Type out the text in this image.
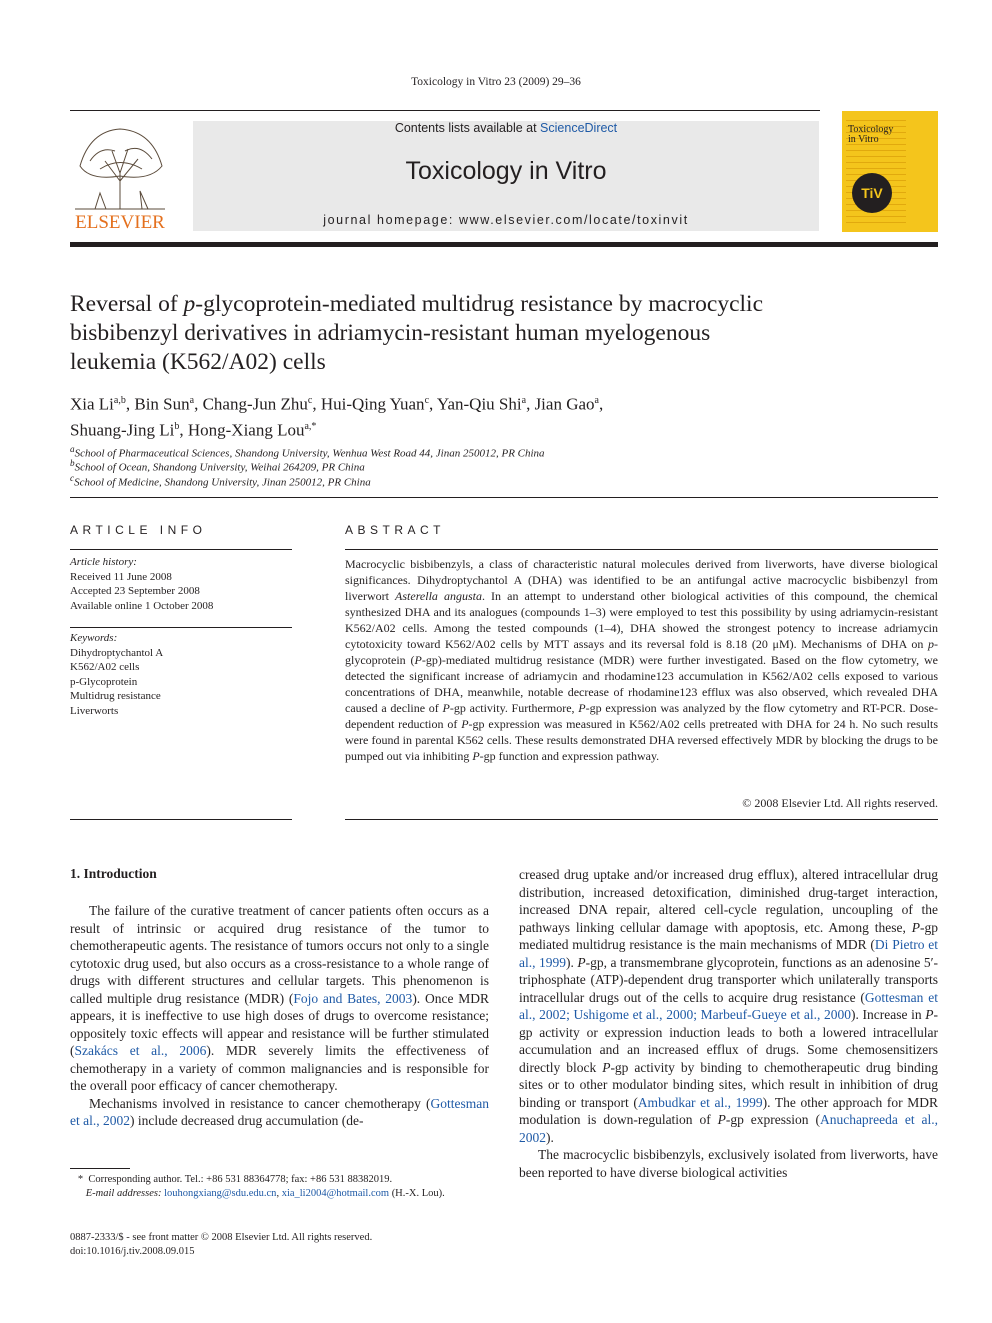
Toxicology in Vitro 23 (2009) 29–36
ELSEVIER
Contents lists available at ScienceDirect
Toxicology in Vitro
journal homepage: www.elsevier.com/locate/toxinvit
Toxicology
in Vitro
TiV
Reversal of p-glycoprotein-mediated multidrug resistance by macrocyclic
bisbibenzyl derivatives in adriamycin-resistant human myelogenous
leukemia (K562/A02) cells
Xia Li$^{a,b}$, Bin Sun$^a$, Chang-Jun Zhu$^c$, Hui-Qing Yuan$^c$, Yan-Qiu Shi$^a$, Jian Gao$^a$,
Shuang-Jing Li$^b$, Hong-Xiang Lou$^{a,*}$
$^a$School of Pharmaceutical Sciences, Shandong University, Wenhua West Road 44, Jinan 250012, PR China
$^b$School of Ocean, Shandong University, Weihai 264209, PR China
$^c$School of Medicine, Shandong University, Jinan 250012, PR China
ARTICLE INFO
Article history:
Received 11 June 2008
Accepted 23 September 2008
Available online 1 October 2008
Keywords:
Dihydroptychantol A
K562/A02 cells
p-Glycoprotein
Multidrug resistance
Liverworts
ABSTRACT
Macrocyclic bisbibenzyls, a class of characteristic natural molecules derived from liverworts, have diverse biological significances. Dihydroptychantol A (DHA) was identified to be an antifungal active macrocyclic bisbibenzyl from liverwort Asterella angusta. In an attempt to understand other biological activities of this compound, the chemical synthesized DHA and its analogues (compounds 1–3) were employed to test this possibility by using adriamycin-resistant K562/A02 cells. Among the tested compounds (1–4), DHA showed the strongest potency to increase adriamycin cytotoxicity toward K562/A02 cells by MTT assays and its reversal fold is 8.18 (20 μM). Mechanisms of DHA on p-glycoprotein (P-gp)-mediated multidrug resistance (MDR) were further investigated. Based on the flow cytometry, we detected the significant increase of adriamycin and rhodamine123 accumulation in K562/A02 cells exposed to various concentrations of DHA, meanwhile, notable decrease of rhodamine123 efflux was also observed, which revealed DHA caused a decline of P-gp activity. Furthermore, P-gp expression was analyzed by the flow cytometry and RT-PCR. Dose-dependent reduction of P-gp expression was measured in K562/A02 cells pretreated with DHA for 24 h. No such results were found in parental K562 cells. These results demonstrated DHA reversed effectively MDR by blocking the drugs to be pumped out via inhibiting P-gp function and expression pathway.
© 2008 Elsevier Ltd. All rights reserved.
1. Introduction

The failure of the curative treatment of cancer patients often occurs as a result of intrinsic or acquired drug resistance of the tumor to chemotherapeutic agents. The resistance of tumors occurs not only to a single cytotoxic drug used, but also occurs as a cross-resistance to a whole range of drugs with different structures and cellular targets. This phenomenon is called multiple drug resistance (MDR) (Fojo and Bates, 2003). Once MDR appears, it is ineffective to use high doses of drugs to overcome resistance; oppositely toxic effects will appear and resistance will be further stimulated (Szakács et al., 2006). MDR severely limits the effectiveness of chemotherapy in a variety of common malignancies and is responsible for the overall poor efficacy of cancer chemotherapy.

Mechanisms involved in resistance to cancer chemotherapy (Gottesman et al., 2002) include decreased drug accumulation (de-

*  Corresponding author. Tel.: +86 531 88364778; fax: +86 531 88382019.
E-mail addresses: louhongxiang@sdu.edu.cn, xia_li2004@hotmail.com (H.-X. Lou).
0887-2333/$ - see front matter © 2008 Elsevier Ltd. All rights reserved.
doi:10.1016/j.tiv.2008.09.015

creased drug uptake and/or increased drug efflux), altered intracellular drug distribution, increased detoxification, diminished drug-target interaction, increased DNA repair, altered cell-cycle regulation, uncoupling of the pathways linking cellular damage with apoptosis, etc. Among these, P-gp mediated multidrug resistance is the main mechanisms of MDR (Di Pietro et al., 1999). P-gp, a transmembrane glycoprotein, functions as an adenosine 5′-triphosphate (ATP)-dependent drug transporter which unilaterally transports intracellular drugs out of the cells to acquire drug resistance (Gottesman et al., 2002; Ushigome et al., 2000; Marbeuf-Gueye et al., 2000). Increase in P-gp activity or expression induction leads to both a lowered intracellular accumulation and an increased efflux of drugs. Some chemosensitizers directly block P-gp activity by binding to chemotherapeutic drug binding sites or to other modulator binding sites, which result in inhibition of drug binding or transport (Ambudkar et al., 1999). The other approach for MDR modulation is down-regulation of P-gp expression (Anuchapreeda et al., 2002).

The macrocyclic bisbibenzyls, exclusively isolated from liverworts, have been reported to have diverse biological activities
